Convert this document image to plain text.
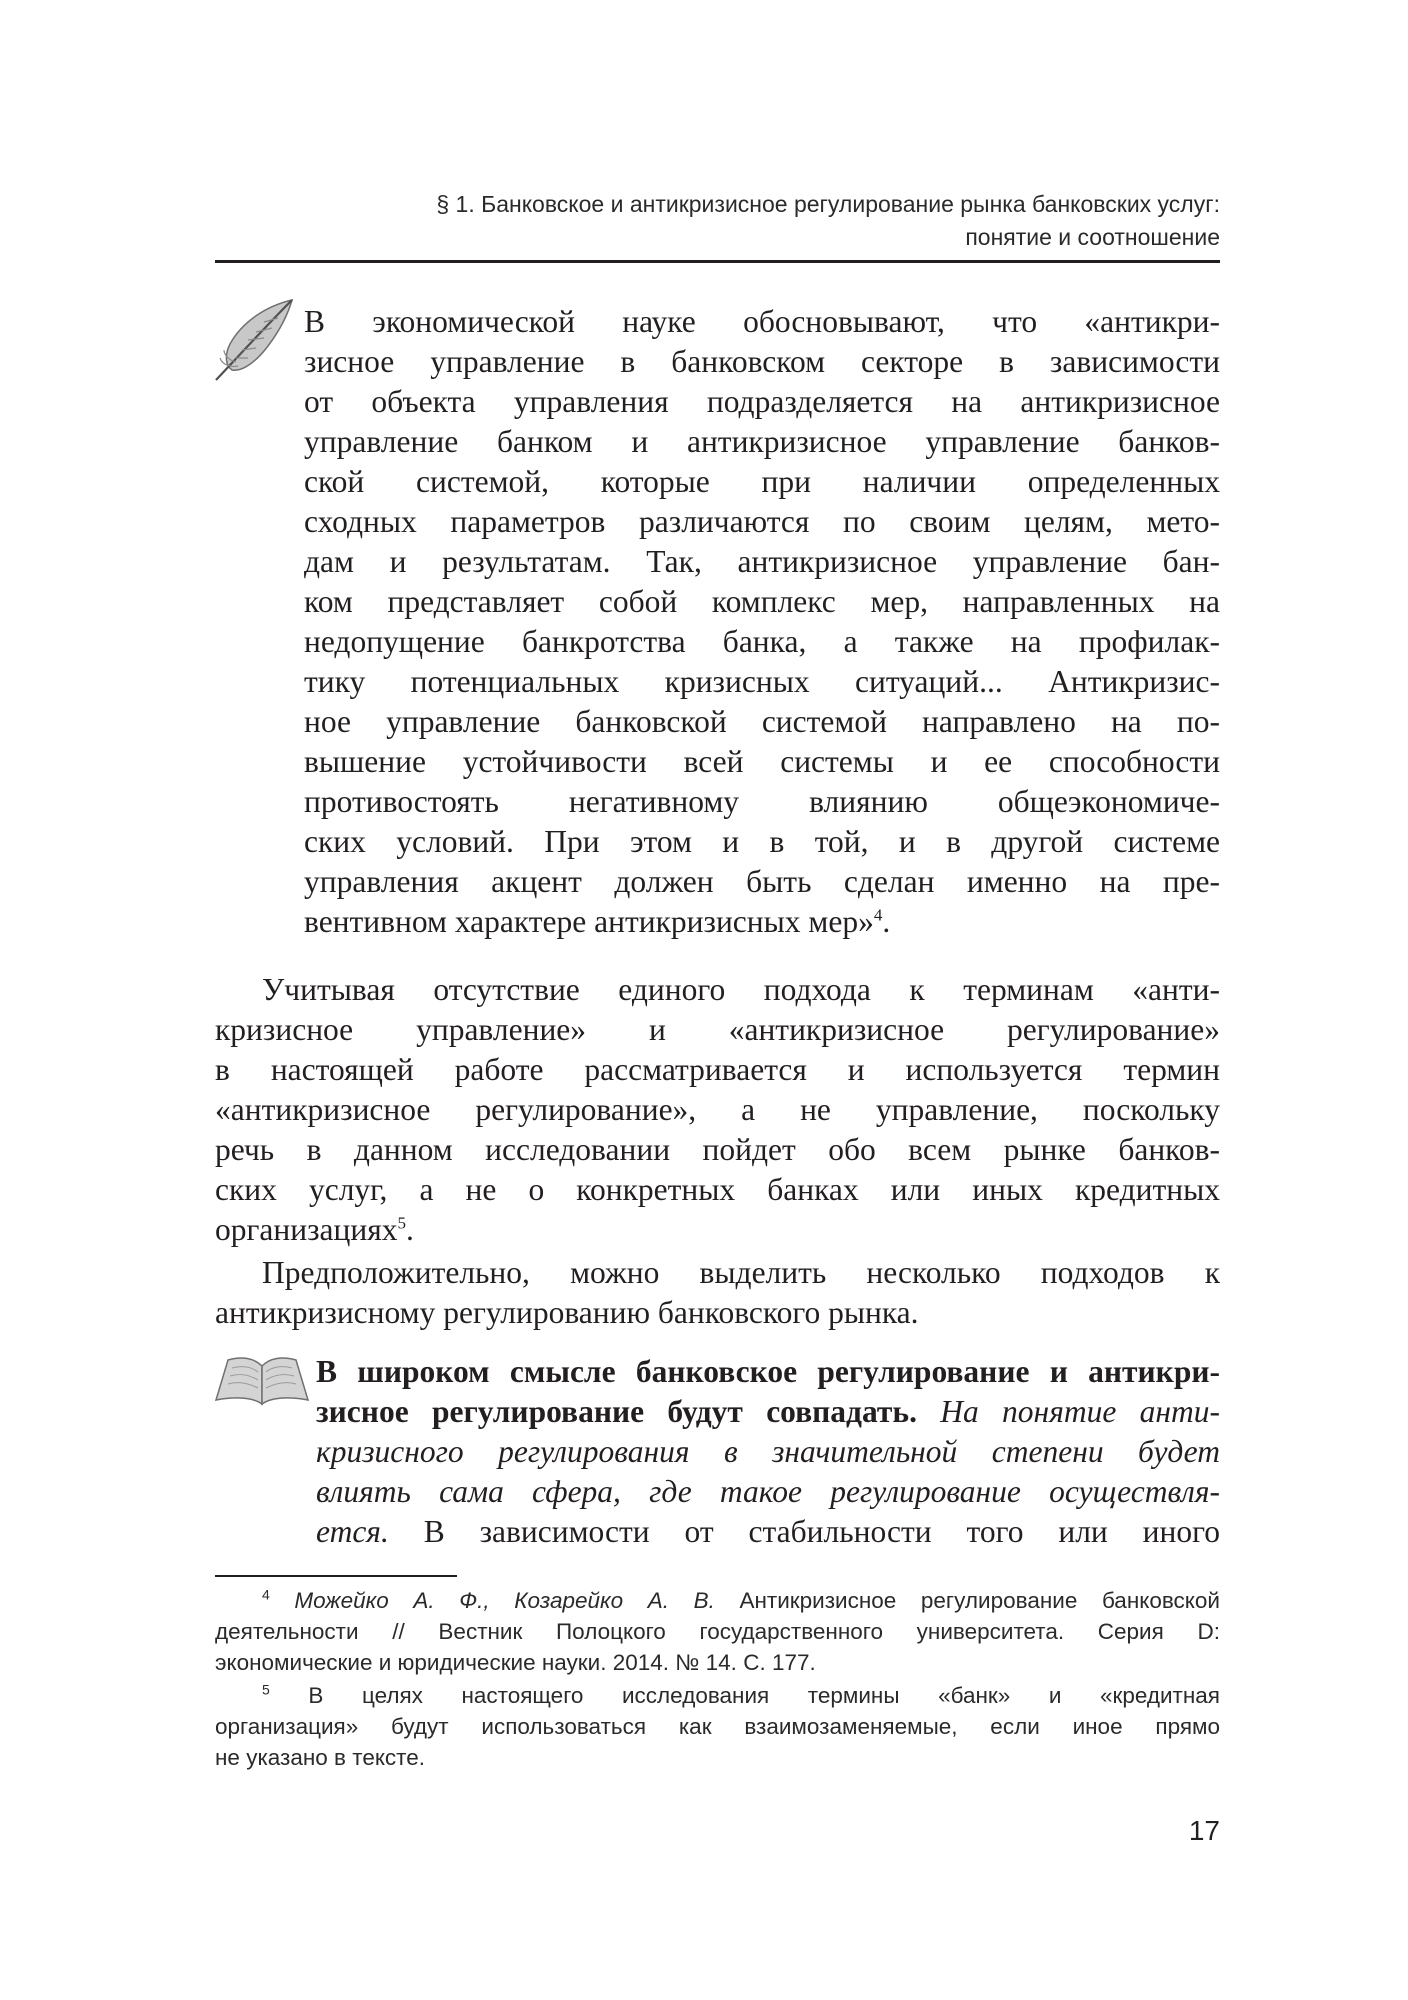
§ 1. Банковское и антикризисное регулирование рынка банковских услуг:
понятие и соотношение
В экономической науке обосновывают, что «антикри-
зисное управление в банковском секторе в зависимости
от объекта управления подразделяется на антикризисное
управление банком и антикризисное управление банков-
ской системой, которые при наличии определенных
сходных параметров различаются по своим целям, мето-
дам и результатам. Так, антикризисное управление бан-
ком представляет собой комплекс мер, направленных на
недопущение банкротства банка, а также на профилак-
тику потенциальных кризисных ситуаций... Антикризис-
ное управление банковской системой направлено на по-
вышение устойчивости всей системы и ее способности
противостоять негативному влиянию общеэкономиче-
ских условий. При этом и в той, и в другой системе
управления акцент должен быть сделан именно на пре-
вентивном характере антикризисных мер»$^4$.
Учитывая отсутствие единого подхода к терминам «анти-
кризисное управление» и «антикризисное регулирование»
в настоящей работе рассматривается и используется термин
«антикризисное регулирование», а не управление, поскольку
речь в данном исследовании пойдет обо всем рынке банков-
ских услуг, а не о конкретных банках или иных кредитных
организациях$^5$.
Предположительно, можно выделить несколько подходов к
антикризисному регулированию банковского рынка.
В широком смысле банковское регулирование и антикри-
зисное регулирование будут совпадать. На понятие анти-
кризисного регулирования в значительной степени будет
влиять сама сфера, где такое регулирование осуществля-
ется. В зависимости от стабильности того или иного
$^4$ Можейко А. Ф., Козарейко А. В. Антикризисное регулирование банковской
деятельности // Вестник Полоцкого государственного университета. Серия D:
экономические и юридические науки. 2014. № 14. С. 177.
$^5$ В целях настоящего исследования термины «банк» и «кредитная
организация» будут использоваться как взаимозаменяемые, если иное прямо
не указано в тексте.
17
